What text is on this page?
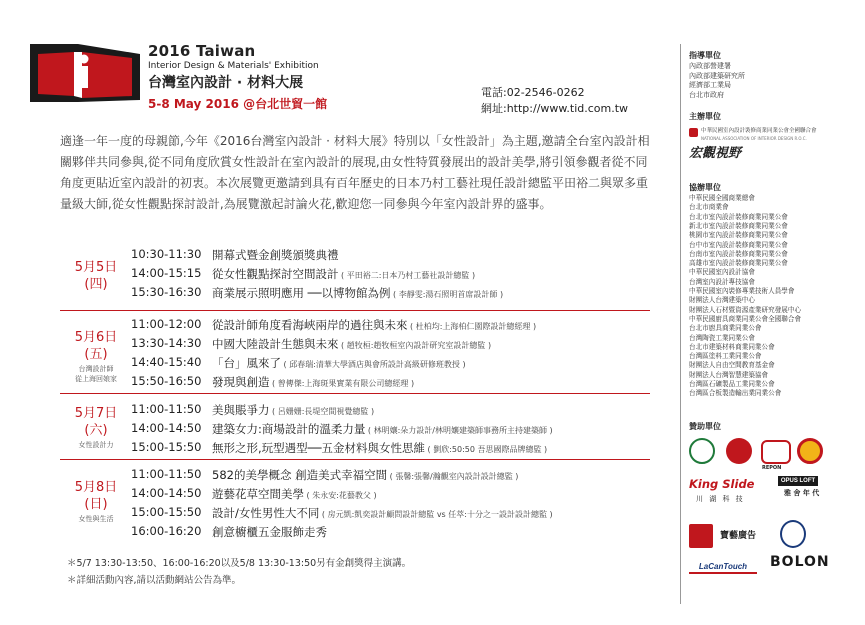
2016 Taiwan
Interior Design & Materials' Exhibition
台灣室內設計 · 材料大展
5-8 May 2016 @台北世貿一館
電話:02-2546-0262
網址:http://www.tid.com.tw

適逢一年一度的母親節,今年《2016台灣室內設計 · 材料大展》特別以「女性設計」為主題,邀請全台室內設計相關夥伴共同參與,從不同角度欣賞女性設計在室內設計的展現,由女性特質發展出的設計美學,將引領參觀者從不同角度更貼近室內設計的初衷。本次展覽更邀請到具有百年歷史的日本乃村工藝社現任設計總監平田裕二與眾多重量級大師,從女性觀點探討設計,為展覽激起討論火花,歡迎您一同參與今年室內設計界的盛事。

5月5日
(四)
10:30-11:30 開幕式暨金創獎頒獎典禮
14:00-15:15 從女性觀點探討空間設計 ( 平田裕二:日本乃村工藝社設計總監 )
15:30-16:30 商業展示照明應用 ──以博物館為例 ( 李靜雯:湯石照明首席設計師 )
5月6日
(五)
台灣設計師
從上海回娘家
11:00-12:00 從設計師角度看海峽兩岸的過往與未來 ( 杜柏均:上海柏仁園際設計總經理 )
13:30-14:30 中國大陸設計生態與未來 ( 趙牧桓:趙牧桓室內設計研究室設計總監 )
14:40-15:40 「台」風來了 ( 邱春瑞:清華大學酒店與會所設計高級研修班教授 )
15:50-16:50 發現與創造 ( 曾傳傑:上海斑果實業有限公司總經理 )
5月7日
(六)
女性設計力
11:00-11:50 美與賬爭力 ( 呂姗姗:長堤空間視覺總監 )
14:00-14:50 建築女力:商場設計的溫柔力量 ( 林明孃:朵力設計/林明孃建築師事務所主持建築師 )
15:00-15:50 無形之形,玩型遇型──五金材料與女性思維 ( 劉欣:50:50 吾思國際品牌總監 )
5月8日
(日)
女性與生活
11:00-11:50 582的美學概念 創造美式幸福空間 ( 張馨:張馨/瀚觀室內設計設計總監 )
14:00-14:50 遊藝花草空間美學 ( 朱永安:花藝教父 )
15:00-15:50 設計/女性男性大不同 ( 房元凱:凱奕設計顧問設計總監 vs 任萃:十分之一設計設計總監 )
16:00-16:20 創意櫥櫃五金服飾走秀
＊5/7 13:30-13:50、16:00-16:20以及5/8 13:30-13:50另有金創獎得主演講。
＊詳細活動內容,請以活動網站公告為準。
指導單位
內政部營建署
內政部建築研究所
經濟部工業局
台北市政府
主辦單位
中華民國室內設計裝修商業同業公會全國聯合會
NATIONAL ASSOCIATION OF INTERIOR DESIGN R.O.C.
宏觀視野
協辦單位
中華民國全國商業總會
台北市商業會
台北市室內設計裝修商業同業公會
新北市室內設計裝修商業同業公會
桃園市室內設計裝修商業同業公會
台中市室內設計裝修商業同業公會
台南市室內設計裝修商業同業公會
高雄市室內設計裝修商業同業公會
中華民國室內設計協會
台灣室內設計專技協會
中華民國室內裝修專業技術人員學會
財團法人台灣建築中心
財團法人石材暨資源產業研究發展中心
中華民國廚具商業同業公會全國聯合會
台北市廚具商業同業公會
台灣陶瓷工業同業公會
台北市建築材料商業同業公會
台灣區塗料工業同業公會
財團法人自由空間教育基金會
財團法人台灣智慧建築協會
台灣區石礦製品工業同業公會
台灣區合板製造輸出業同業公會
贊助單位
REPON
King Slide
川 湖 科 技
OPUS LOFT
雅 舍 年 代
寶藝廣告
LaCanTouch	BOLON
